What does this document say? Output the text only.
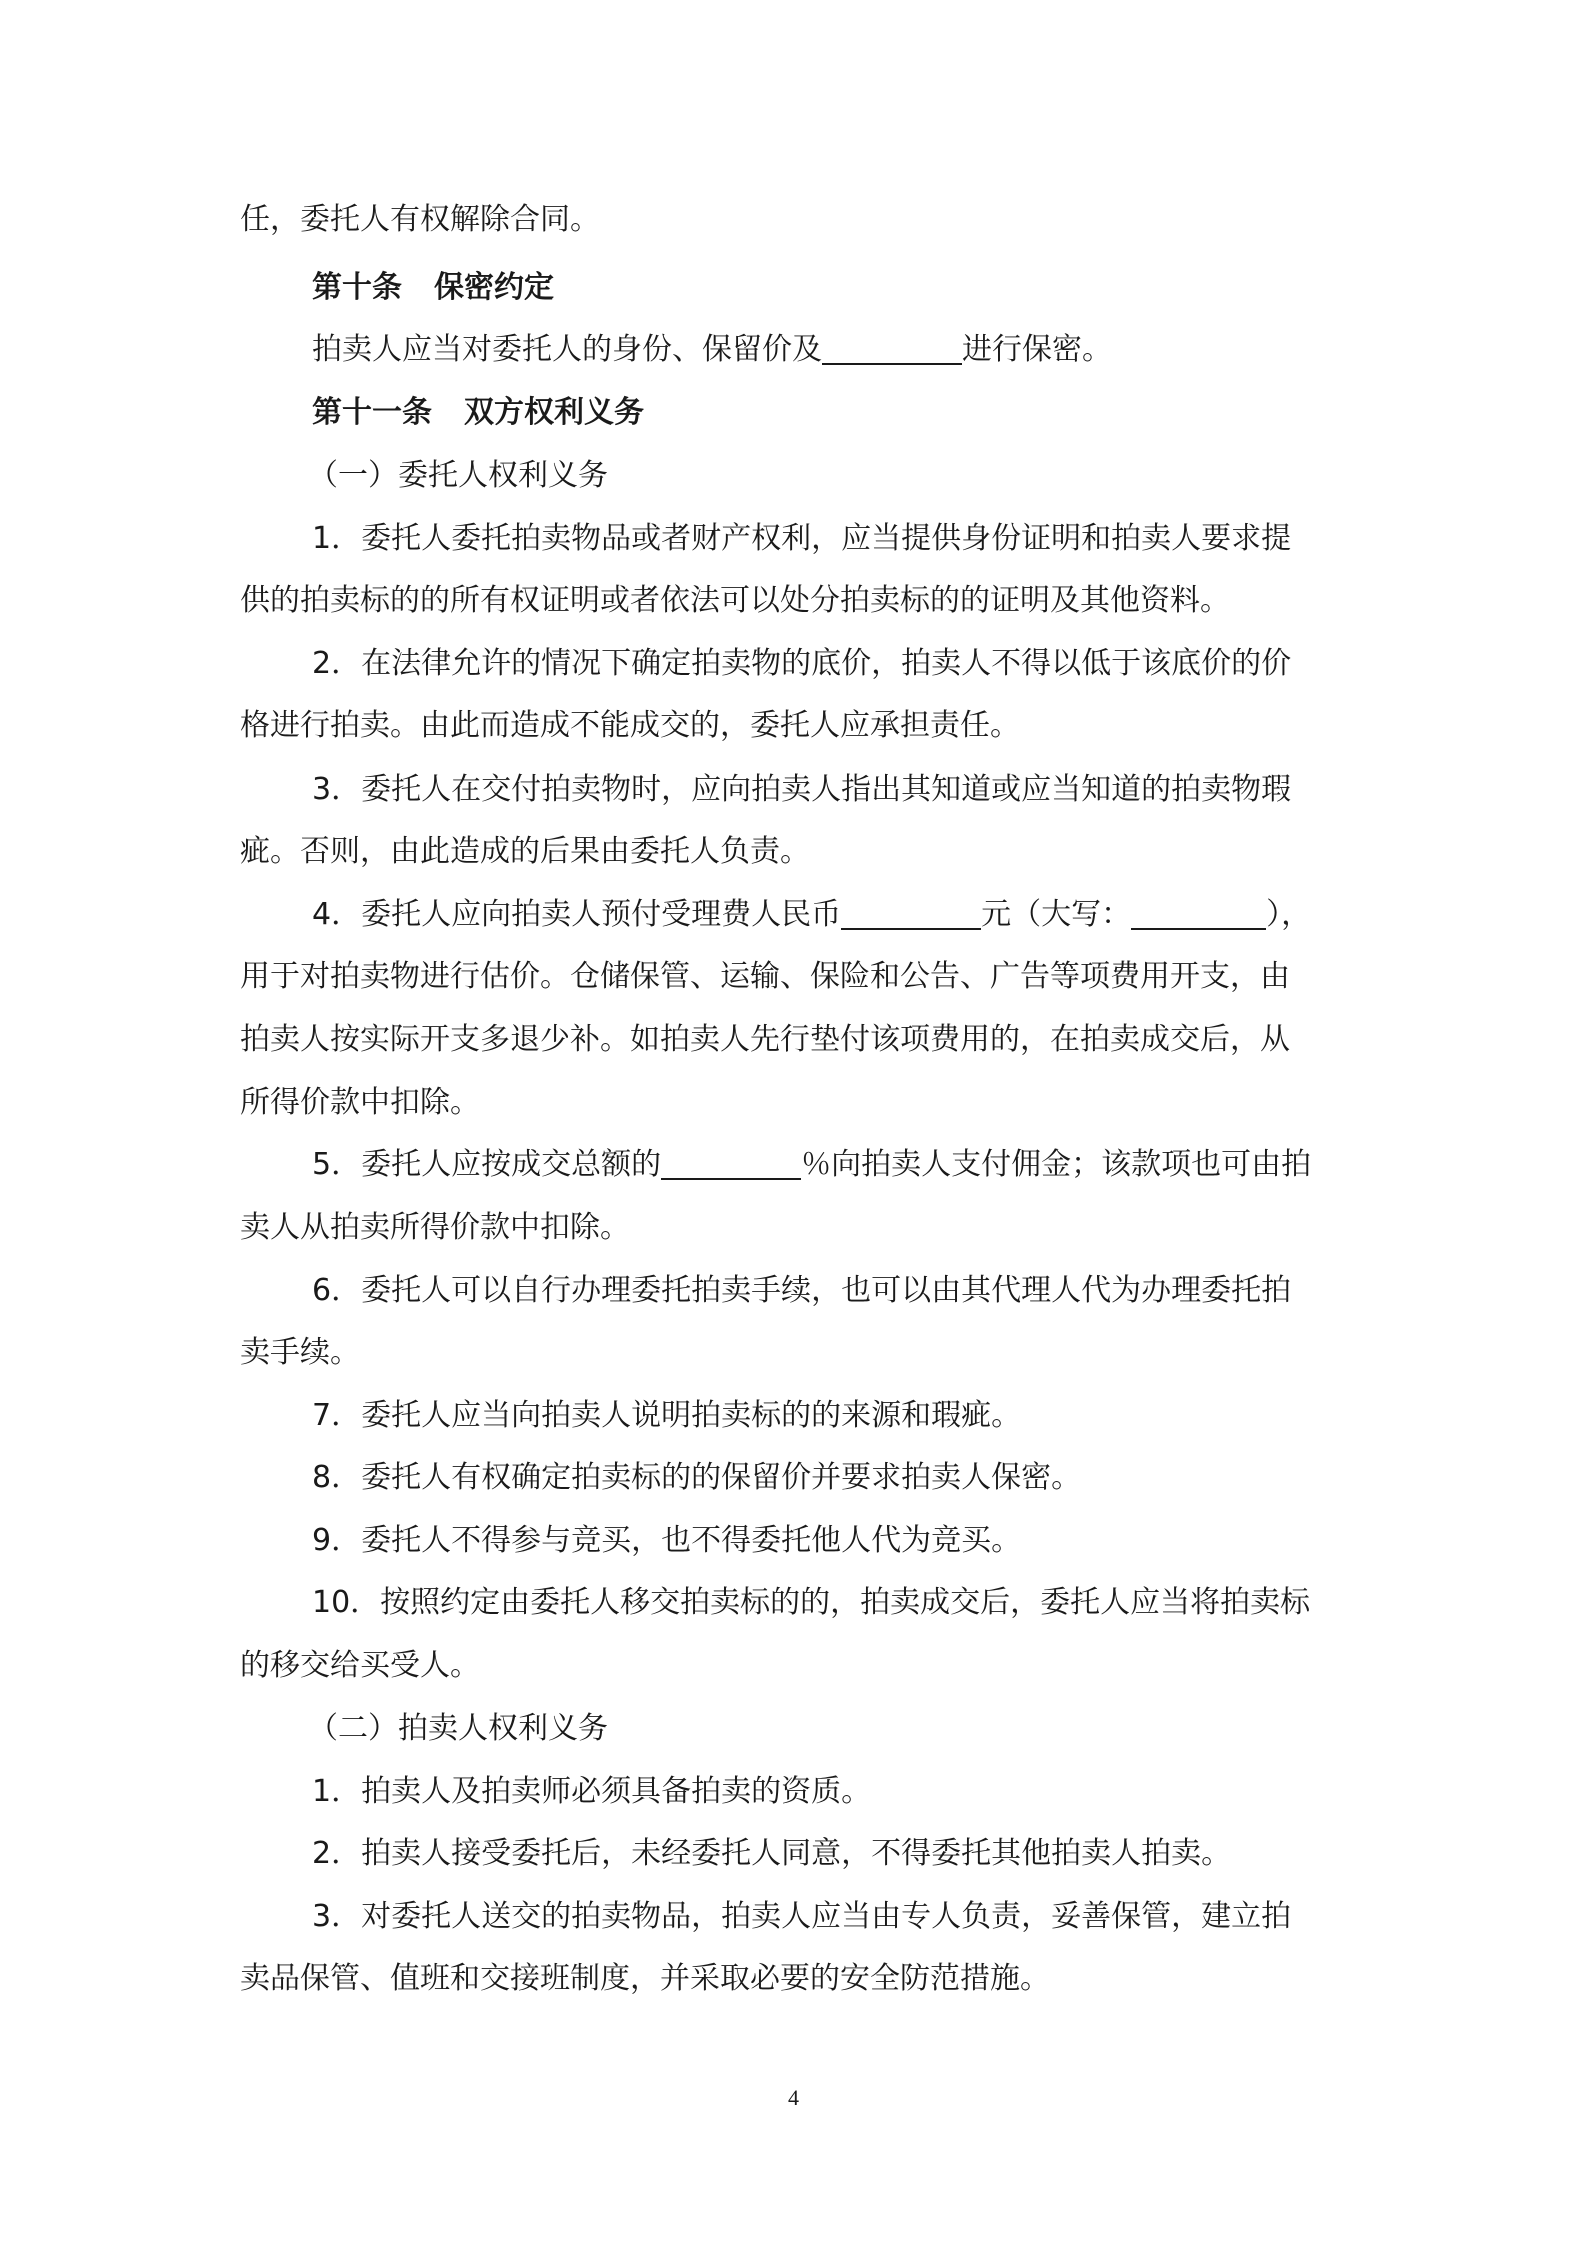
任，委托人有权解除合同。
第十条 保密约定
拍卖人应当对委托人的身份、保留价及	进行保密。
第十一条 双方权利义务
（一）委托人权利义务
1．委托人委托拍卖物品或者财产权利，应当提供身份证明和拍卖人要求提
供的拍卖标的的所有权证明或者依法可以处分拍卖标的的证明及其他资料。
2．在法律允许的情况下确定拍卖物的底价，拍卖人不得以低于该底价的价
格进行拍卖。由此而造成不能成交的，委托人应承担责任。
3．委托人在交付拍卖物时，应向拍卖人指出其知道或应当知道的拍卖物瑕
疵。否则，由此造成的后果由委托人负责。
4．委托人应向拍卖人预付受理费人民币	元（大写：	），
用于对拍卖物进行估价。仓储保管、运输、保险和公告、广告等项费用开支，由
拍卖人按实际开支多退少补。如拍卖人先行垫付该项费用的，在拍卖成交后，从
所得价款中扣除。
5．委托人应按成交总额的	％向拍卖人支付佣金；该款项也可由拍
卖人从拍卖所得价款中扣除。
6．委托人可以自行办理委托拍卖手续，也可以由其代理人代为办理委托拍
卖手续。
7．委托人应当向拍卖人说明拍卖标的的来源和瑕疵。
8．委托人有权确定拍卖标的的保留价并要求拍卖人保密。
9．委托人不得参与竞买，也不得委托他人代为竞买。
10．按照约定由委托人移交拍卖标的的，拍卖成交后，委托人应当将拍卖标
的移交给买受人。
（二）拍卖人权利义务
1．拍卖人及拍卖师必须具备拍卖的资质。
2．拍卖人接受委托后，未经委托人同意，不得委托其他拍卖人拍卖。
3．对委托人送交的拍卖物品，拍卖人应当由专人负责，妥善保管，建立拍
卖品保管、值班和交接班制度，并采取必要的安全防范措施。
4
